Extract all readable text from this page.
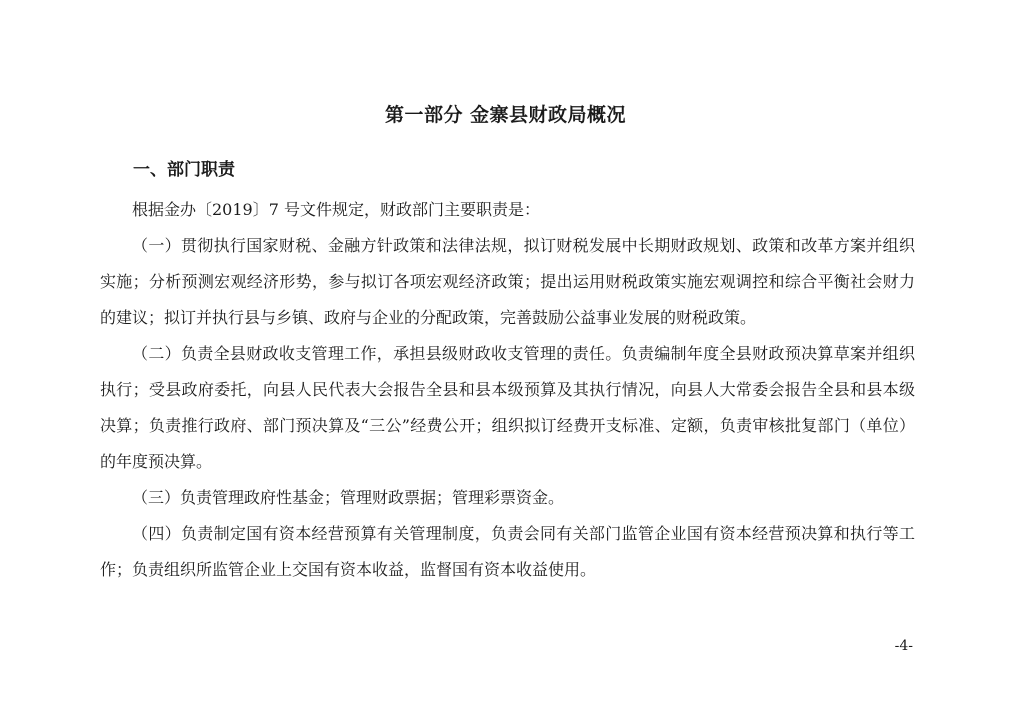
第一部分 金寨县财政局概况
一、部门职责

根据金办〔2019〕7 号文件规定，财政部门主要职责是：

（一）贯彻执行国家财税、金融方针政策和法律法规，拟订财税发展中长期财政规划、政策和改革方案并组织实施；分析预测宏观经济形势，参与拟订各项宏观经济政策；提出运用财税政策实施宏观调控和综合平衡社会财力的建议；拟订并执行县与乡镇、政府与企业的分配政策，完善鼓励公益事业发展的财税政策。

（二）负责全县财政收支管理工作，承担县级财政收支管理的责任。负责编制年度全县财政预决算草案并组织执行；受县政府委托，向县人民代表大会报告全县和县本级预算及其执行情况，向县人大常委会报告全县和县本级决算；负责推行政府、部门预决算及“三公”经费公开；组织拟订经费开支标准、定额，负责审核批复部门（单位）的年度预决算。

（三）负责管理政府性基金；管理财政票据；管理彩票资金。

（四）负责制定国有资本经营预算有关管理制度，负责会同有关部门监管企业国有资本经营预决算和执行等工作；负责组织所监管企业上交国有资本收益，监督国有资本收益使用。

-4-
